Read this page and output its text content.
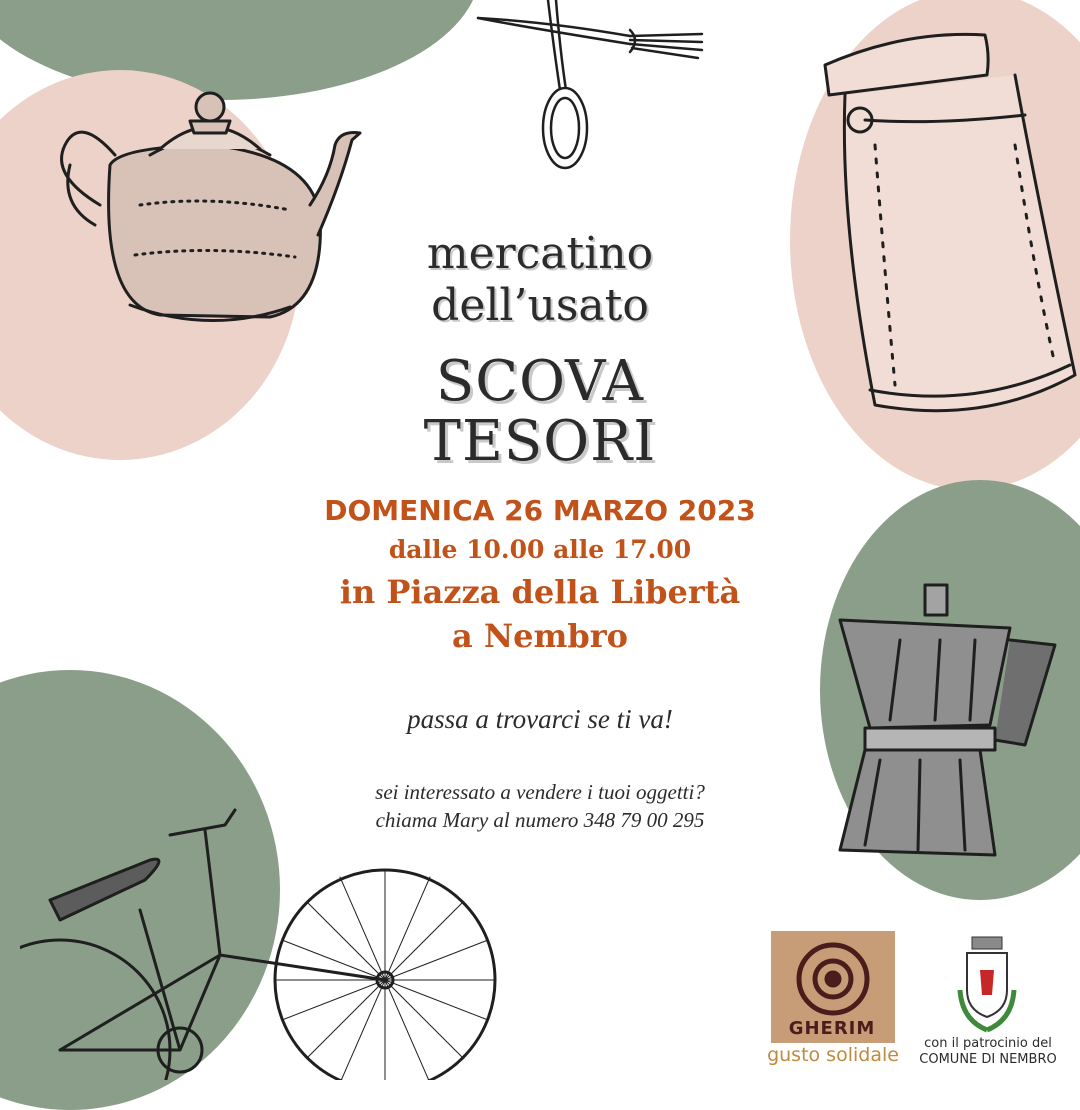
mercatino
dell’usato
SCOVA
TESORI
DOMENICA 26 MARZO 2023
dalle 10.00 alle 17.00
in Piazza della Libertà
a Nembro
passa a trovarci se ti va!
sei interessato a vendere i tuoi oggetti?
chiama Mary al numero 348 79 00 295
GHERIM
gusto solidale
con il patrocinio del
COMUNE DI NEMBRO
